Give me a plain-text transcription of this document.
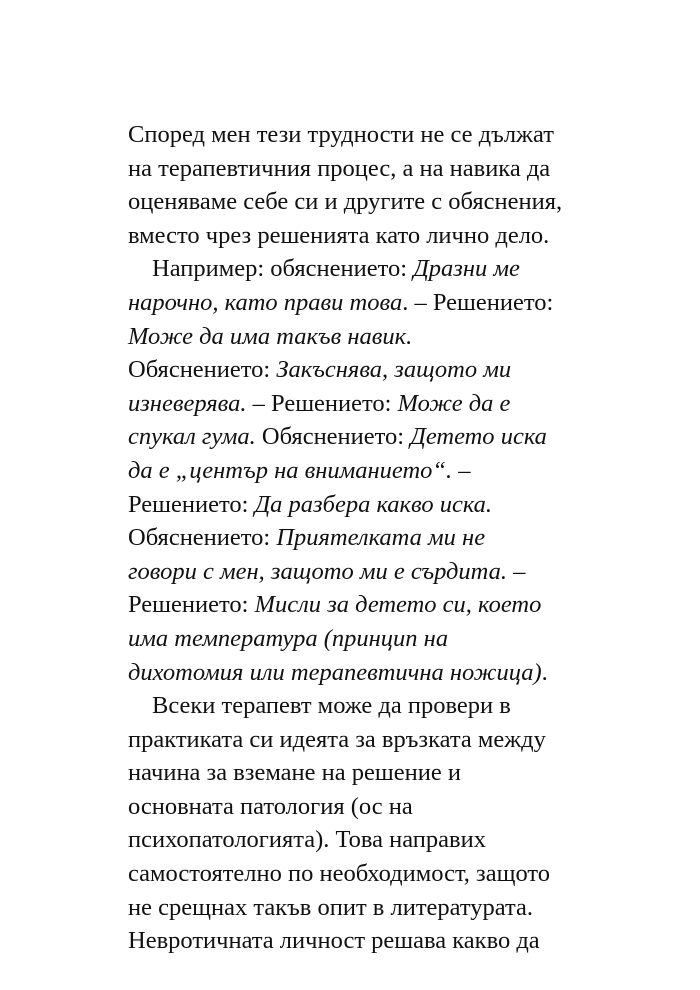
Според мен тези трудности не се дължат
на терапевтичния процес, а на навика да
оценяваме себе си и другите с обяснения,
вместо чрез решенията като лично дело.
Например: обяснението: Дразни ме
нарочно, като прави това. – Решението:
Може да има такъв навик.
Обяснението: Закъснява, защото ми
изневерява. – Решението: Може да е
спукал гума. Обяснението: Детето иска
да е „център на вниманието“. –
Решението: Да разбера какво иска.
Обяснението: Приятелката ми не
говори с мен, защото ми е сърдита. –
Решението: Мисли за детето си, което
има температура (принцип на
дихотомия или терапевтична ножица).
Всеки терапевт може да провери в
практиката си идеята за връзката между
начина за вземане на решение и
основната патология (ос на
психопатологията). Това направих
самостоятелно по необходимост, защото
не срещнах такъв опит в литературата.
Невротичната личност решава какво да
